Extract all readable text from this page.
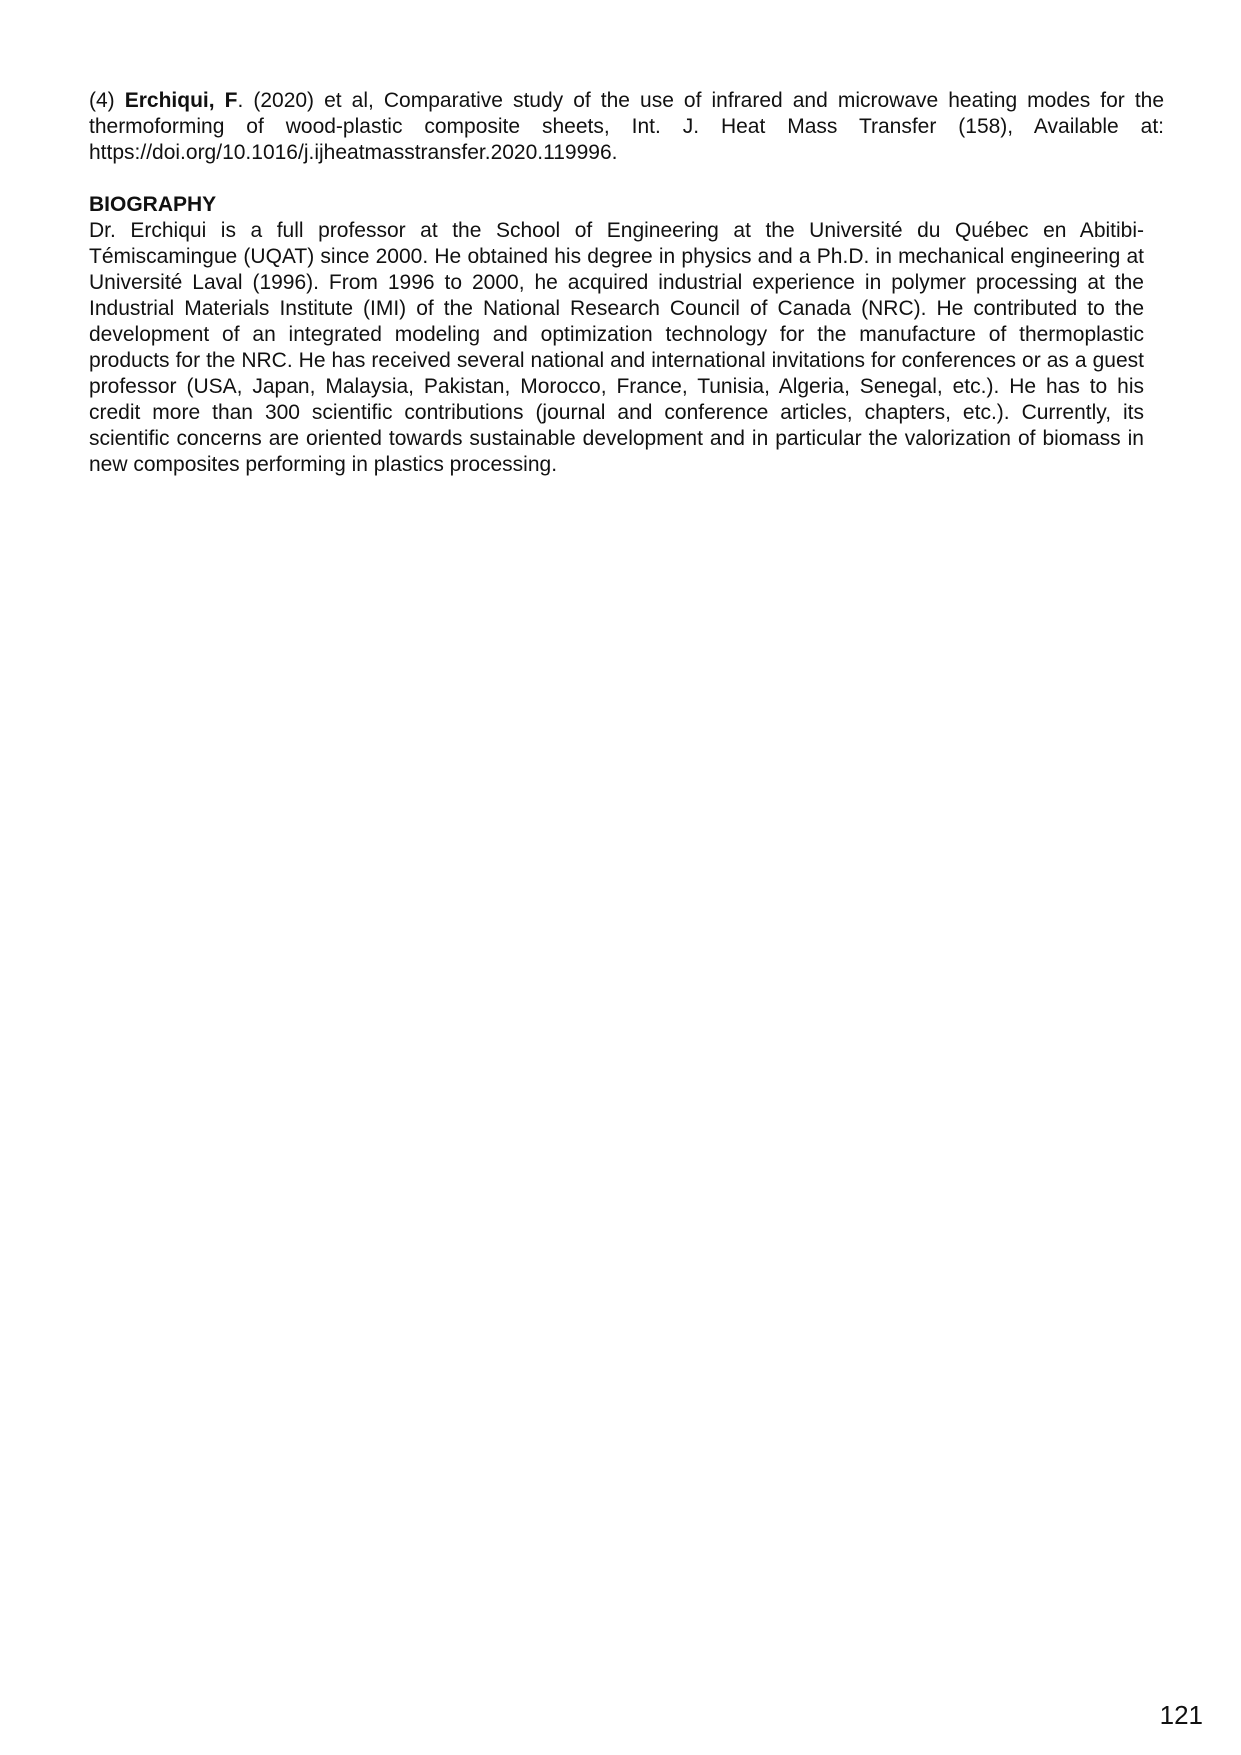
(4) Erchiqui, F. (2020) et al, Comparative study of the use of infrared and microwave heating modes for the thermoforming of wood-plastic composite sheets, Int. J. Heat Mass Transfer (158), Available at: https://doi.org/10.1016/j.ijheatmasstransfer.2020.119996.

BIOGRAPHY

Dr. Erchiqui is a full professor at the School of Engineering at the Université du Québec en Abitibi-Témiscamingue (UQAT) since 2000. He obtained his degree in physics and a Ph.D. in mechanical engineering at Université Laval (1996). From 1996 to 2000, he acquired industrial experience in polymer processing at the Industrial Materials Institute (IMI) of the National Research Council of Canada (NRC). He contributed to the development of an integrated modeling and optimization technology for the manufacture of thermoplastic products for the NRC. He has received several national and international invitations for conferences or as a guest professor (USA, Japan, Malaysia, Pakistan, Morocco, France, Tunisia, Algeria, Senegal, etc.). He has to his credit more than 300 scientific contributions (journal and conference articles, chapters, etc.). Currently, its scientific concerns are oriented towards sustainable development and in particular the valorization of biomass in new composites performing in plastics processing.

121
